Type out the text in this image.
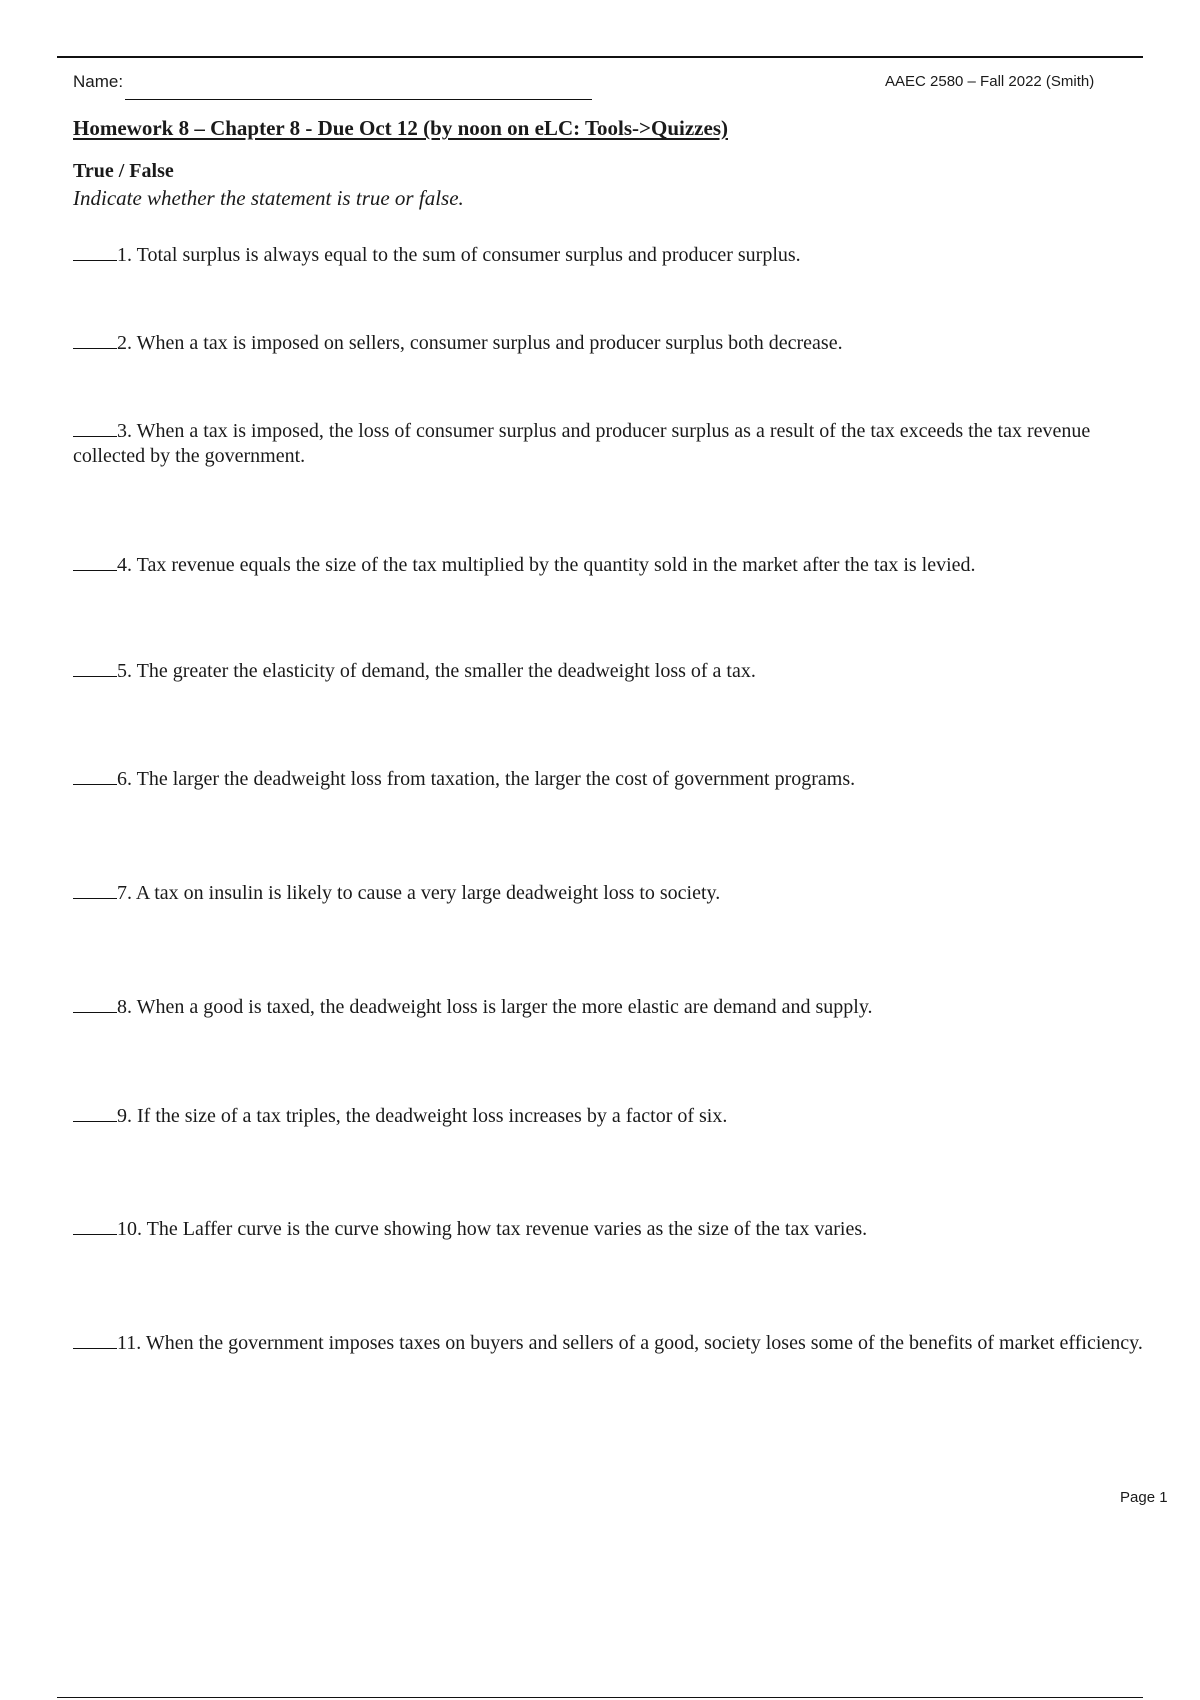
Name:	AAEC 2580 – Fall 2022 (Smith)
Homework 8 – Chapter 8 - Due Oct 12 (by noon on eLC: Tools->Quizzes)
True / False
Indicate whether the statement is true or false.
1. Total surplus is always equal to the sum of consumer surplus and producer surplus.
2. When a tax is imposed on sellers, consumer surplus and producer surplus both decrease.
3. When a tax is imposed, the loss of consumer surplus and producer surplus as a result of the tax exceeds the tax revenue collected by the government.
4. Tax revenue equals the size of the tax multiplied by the quantity sold in the market after the tax is levied.
5. The greater the elasticity of demand, the smaller the deadweight loss of a tax.
6. The larger the deadweight loss from taxation, the larger the cost of government programs.
7. A tax on insulin is likely to cause a very large deadweight loss to society.
8. When a good is taxed, the deadweight loss is larger the more elastic are demand and supply.
9. If the size of a tax triples, the deadweight loss increases by a factor of six.
10. The Laffer curve is the curve showing how tax revenue varies as the size of the tax varies.
11. When the government imposes taxes on buyers and sellers of a good, society loses some of the benefits of market efficiency.
Page 1
